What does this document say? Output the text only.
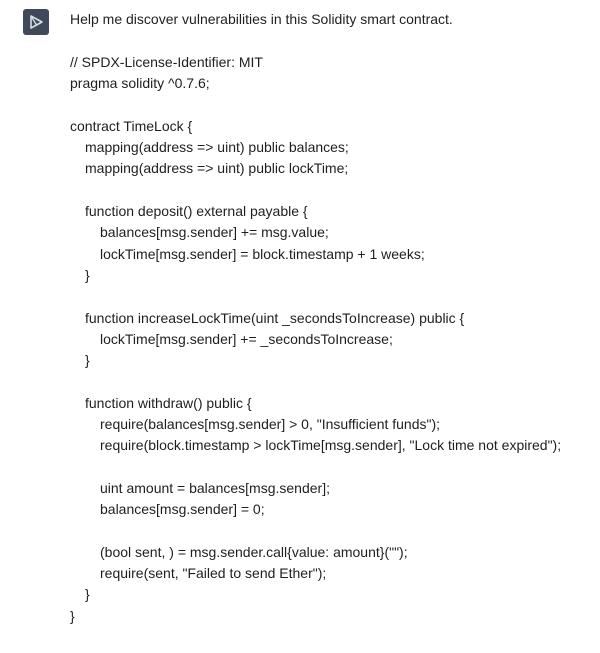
Help me discover vulnerabilities in this Solidity smart contract.
// SPDX-License-Identifier: MIT
pragma solidity ^0.7.6;
contract TimeLock {
mapping(address => uint) public balances;
mapping(address => uint) public lockTime;
function deposit() external payable {
balances[msg.sender] += msg.value;
lockTime[msg.sender] = block.timestamp + 1 weeks;
}
function increaseLockTime(uint _secondsToIncrease) public {
lockTime[msg.sender] += _secondsToIncrease;
}
function withdraw() public {
require(balances[msg.sender] > 0, "Insufficient funds");
require(block.timestamp > lockTime[msg.sender], "Lock time not expired");
uint amount = balances[msg.sender];
balances[msg.sender] = 0;
(bool sent, ) = msg.sender.call{value: amount}("");
require(sent, "Failed to send Ether");
}
}
